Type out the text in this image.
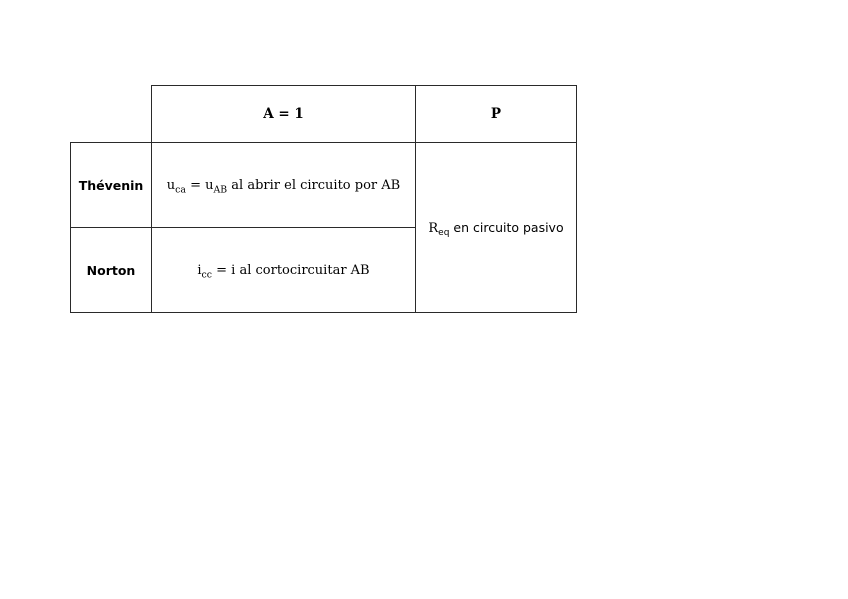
	A = 1	P
Thévenin	$u_{ca} = u_{AB}$ al abrir el circuito por AB	$R_{eq}$ en circuito pasivo
Norton	$i_{cc} = i$ al cortocircuitar AB	
